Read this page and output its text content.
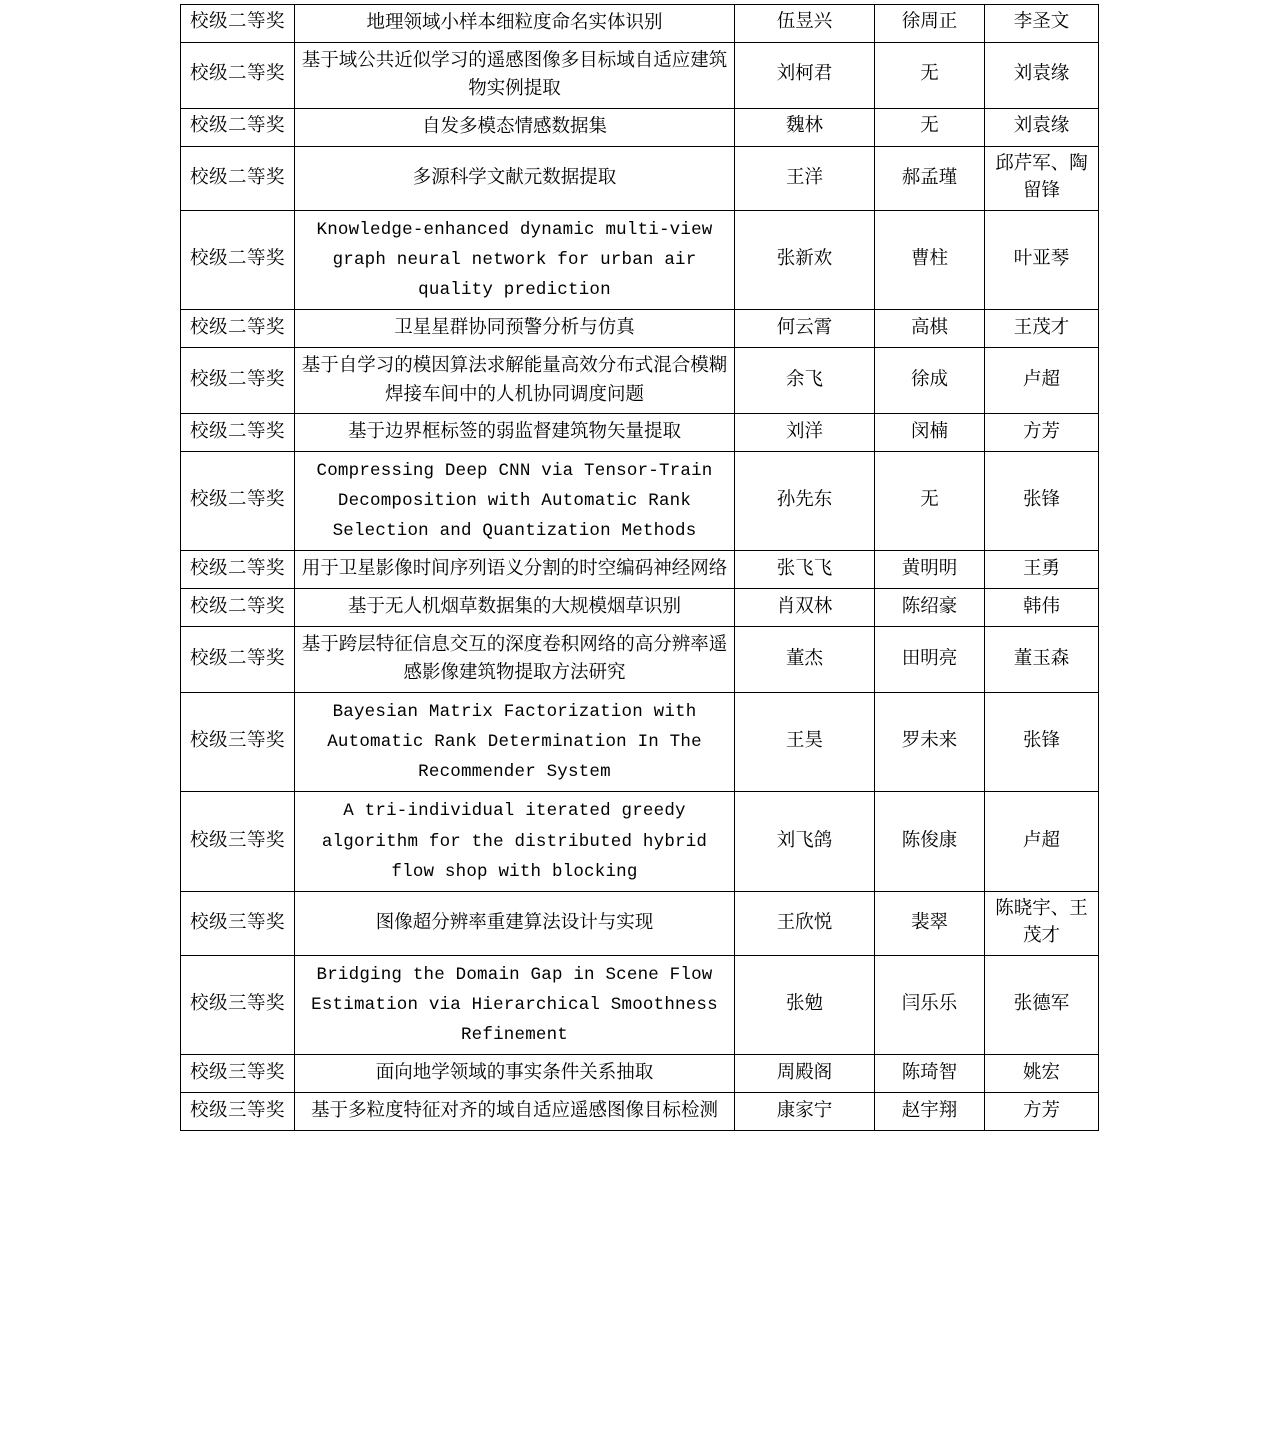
校级二等奖	地理领域小样本细粒度命名实体识别	伍昱兴	徐周正	李圣文
校级二等奖	基于域公共近似学习的遥感图像多目标域自适应建筑物实例提取	刘柯君	无	刘袁缘
校级二等奖	自发多模态情感数据集	魏林	无	刘袁缘
校级二等奖	多源科学文献元数据提取	王洋	郝孟瑾	邱芹军、陶留锋
校级二等奖	Knowledge-enhanced dynamic multi-view graph neural network for urban air quality prediction	张新欢	曹柱	叶亚琴
校级二等奖	卫星星群协同预警分析与仿真	何云霄	高棋	王茂才
校级二等奖	基于自学习的模因算法求解能量高效分布式混合模糊焊接车间中的人机协同调度问题	余飞	徐成	卢超
校级二等奖	基于边界框标签的弱监督建筑物矢量提取	刘洋	闵楠	方芳
校级二等奖	Compressing Deep CNN via Tensor-Train Decomposition with Automatic Rank Selection and Quantization Methods	孙先东	无	张锋
校级二等奖	用于卫星影像时间序列语义分割的时空编码神经网络	张飞飞	黄明明	王勇
校级二等奖	基于无人机烟草数据集的大规模烟草识别	肖双林	陈绍豪	韩伟
校级二等奖	基于跨层特征信息交互的深度卷积网络的高分辨率遥感影像建筑物提取方法研究	董杰	田明亮	董玉森
校级三等奖	Bayesian Matrix Factorization with Automatic Rank Determination In The Recommender System	王昊	罗未来	张锋
校级三等奖	A tri-individual iterated greedy algorithm for the distributed hybrid flow shop with blocking	刘飞鸽	陈俊康	卢超
校级三等奖	图像超分辨率重建算法设计与实现	王欣悦	裴翠	陈晓宇、王茂才
校级三等奖	Bridging the Domain Gap in Scene Flow Estimation via Hierarchical Smoothness Refinement	张勉	闫乐乐	张德军
校级三等奖	面向地学领域的事实条件关系抽取	周殿阁	陈琦智	姚宏
校级三等奖	基于多粒度特征对齐的域自适应遥感图像目标检测	康家宁	赵宇翔	方芳
